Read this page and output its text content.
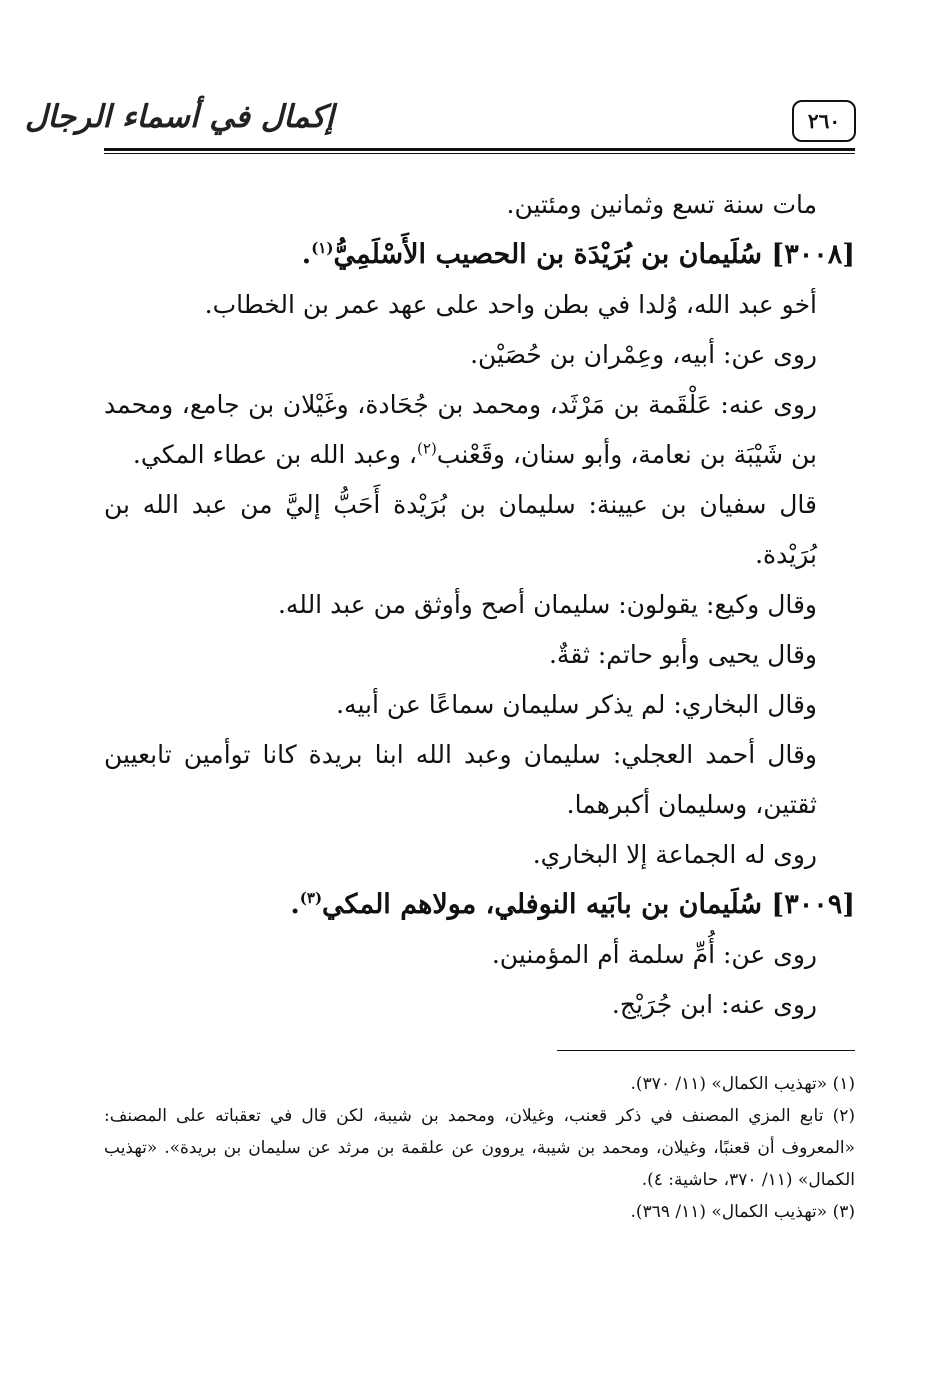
٢٦٠
إكمال في أسماء الرجال

مات سنة تسع وثمانين ومئتين.

[٣٠٠٨] سُلَيمان بن بُرَيْدَة بن الحصيب الأَسْلَمِيُّ$^{(١)}$.

أخو عبد الله، وُلدا في بطن واحد على عهد عمر بن الخطاب.

روى عن: أبيه، وعِمْران بن حُصَيْن.

روى عنه: عَلْقَمة بن مَرْثَد، ومحمد بن جُحَادة، وغَيْلان بن جامع، ومحمد بن شَيْبَة بن نعامة، وأبو سنان، وقَعْنب$^{(٢)}$، وعبد الله بن عطاء المكي.

قال سفيان بن عيينة: سليمان بن بُرَيْدة أَحَبُّ إليَّ من عبد الله بن بُرَيْدة.

وقال وكيع: يقولون: سليمان أصح وأوثق من عبد الله.

وقال يحيى وأبو حاتم: ثقةٌ.

وقال البخاري: لم يذكر سليمان سماعًا عن أبيه.

وقال أحمد العجلي: سليمان وعبد الله ابنا بريدة كانا توأمين تابعيين ثقتين، وسليمان أكبرهما.

روى له الجماعة إلا البخاري.

[٣٠٠٩] سُلَيمان بن بابَيه النوفلي، مولاهم المكي$^{(٣)}$.

روى عن: أُمِّ سلمة أم المؤمنين.

روى عنه: ابن جُرَيْج.

(١) «تهذيب الكمال» (١١/ ٣٧٠).

(٢) تابع المزي المصنف في ذكر قعنب، وغيلان، ومحمد بن شيبة، لكن قال في تعقباته على المصنف: «المعروف أن قعنبًا، وغيلان، ومحمد بن شيبة، يروون عن علقمة بن مرثد عن سليمان بن بريدة». «تهذيب الكمال» (١١/ ٣٧٠، حاشية: ٤).

(٣) «تهذيب الكمال» (١١/ ٣٦٩).
